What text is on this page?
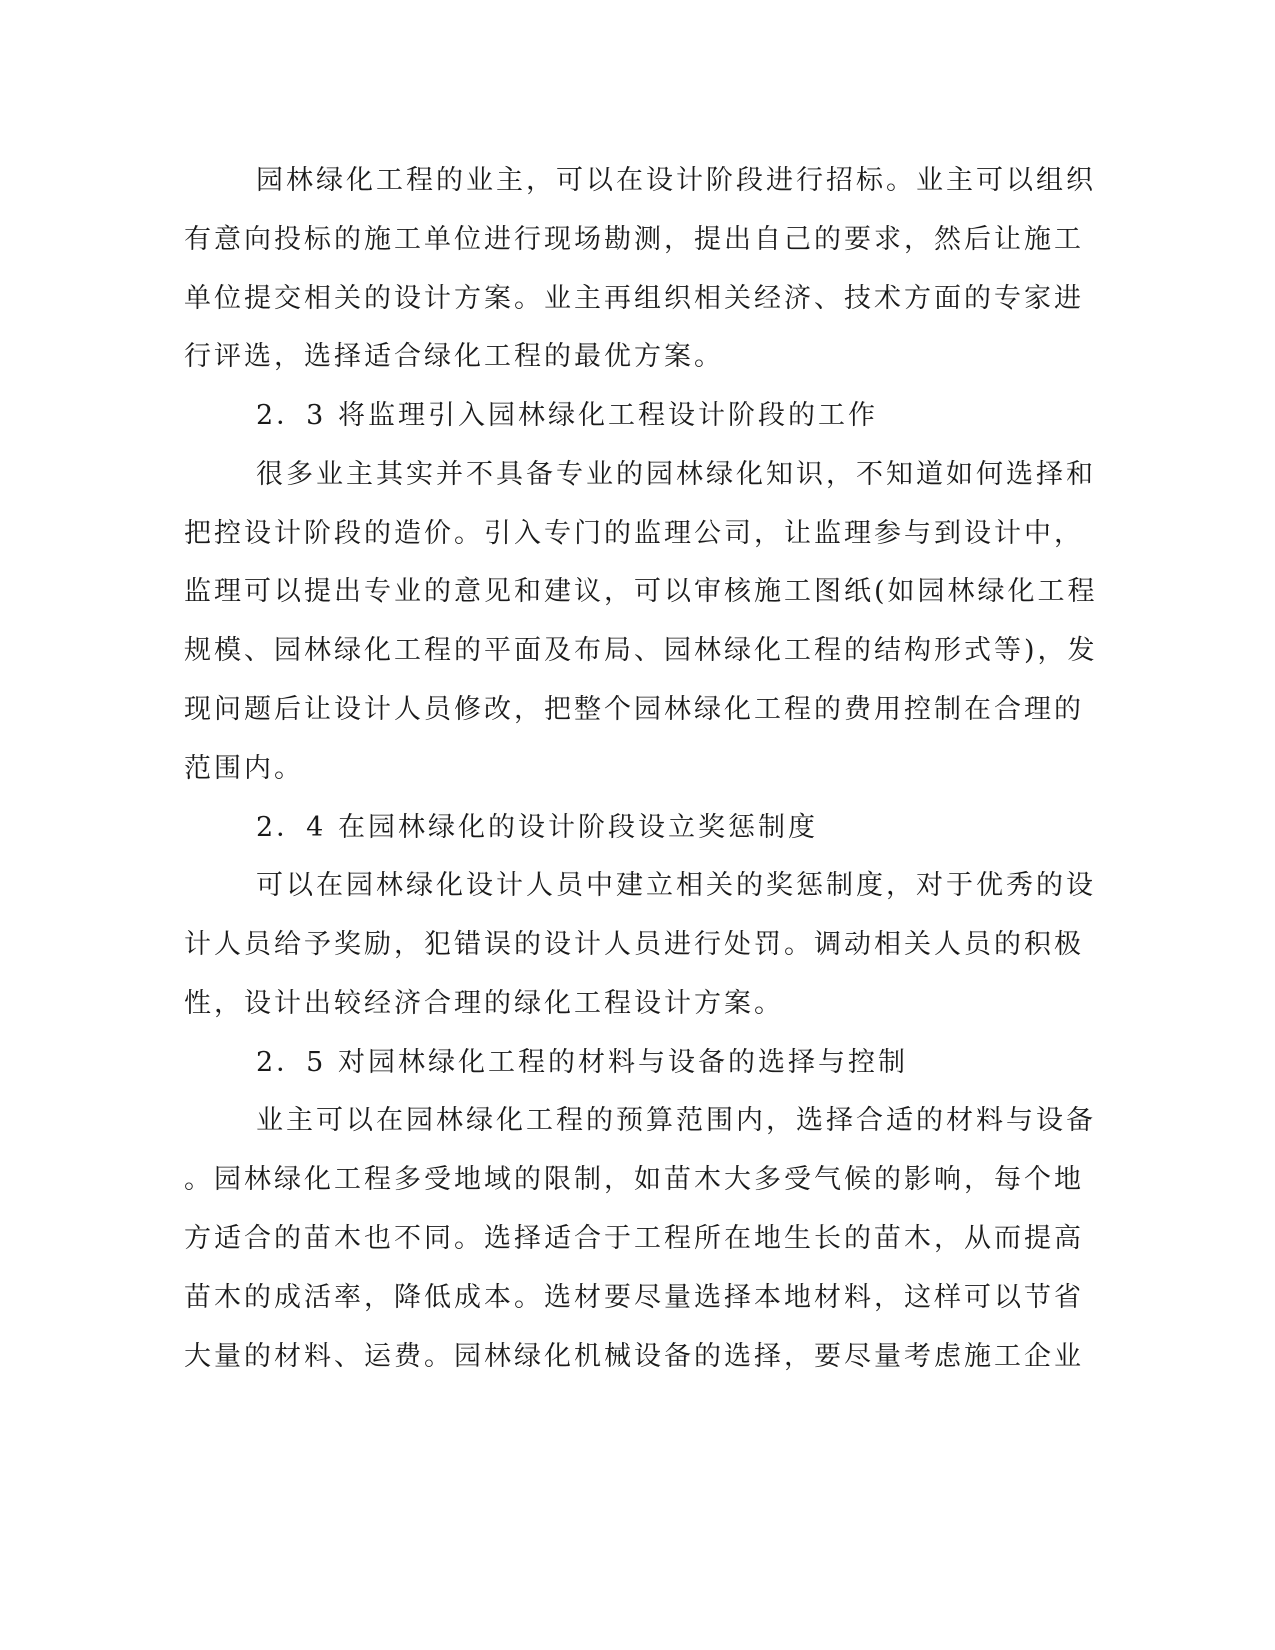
园林绿化工程的业主，可以在设计阶段进行招标。业主可以组织

有意向投标的施工单位进行现场勘测，提出自己的要求，然后让施工

单位提交相关的设计方案。业主再组织相关经济、技术方面的专家进

行评选，选择适合绿化工程的最优方案。

2．3 将监理引入园林绿化工程设计阶段的工作

很多业主其实并不具备专业的园林绿化知识，不知道如何选择和

把控设计阶段的造价。引入专门的监理公司，让监理参与到设计中，

监理可以提出专业的意见和建议，可以审核施工图纸(如园林绿化工程

规模、园林绿化工程的平面及布局、园林绿化工程的结构形式等)，发

现问题后让设计人员修改，把整个园林绿化工程的费用控制在合理的

范围内。

2．4 在园林绿化的设计阶段设立奖惩制度

可以在园林绿化设计人员中建立相关的奖惩制度，对于优秀的设

计人员给予奖励，犯错误的设计人员进行处罚。调动相关人员的积极

性，设计出较经济合理的绿化工程设计方案。

2．5 对园林绿化工程的材料与设备的选择与控制

业主可以在园林绿化工程的预算范围内，选择合适的材料与设备

。园林绿化工程多受地域的限制，如苗木大多受气候的影响，每个地

方适合的苗木也不同。选择适合于工程所在地生长的苗木，从而提高

苗木的成活率，降低成本。选材要尽量选择本地材料，这样可以节省

大量的材料、运费。园林绿化机械设备的选择，要尽量考虑施工企业
